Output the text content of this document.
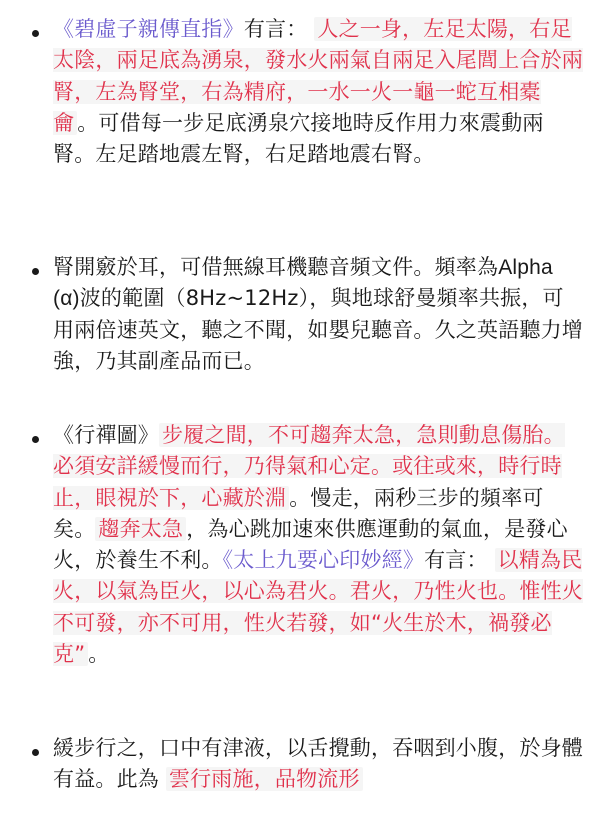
《碧虛子親傳直指》有言： 人之一身，左足太陽，右足太陰，兩足底為湧泉，發水火兩氣自兩足入尾閭上合於兩腎，左為腎堂，右為精府，一水一火一龜一蛇互相橐龠 。可借每一步足底湧泉穴接地時反作用力來震動兩腎。左足踏地震左腎，右足踏地震右腎。

腎開竅於耳，可借無線耳機聽音頻文件。頻率為Alpha (α)波的範圍（8Hz~12Hz），與地球舒曼頻率共振，可用兩倍速英文，聽之不聞，如嬰兒聽音。久之英語聽力增強，乃其副產品而已。

《行禪圖》 步履之間，不可趨奔太急，急則動息傷胎。必須安詳緩慢而行，乃得氣和心定。或往或來，時行時止，眼視於下，心藏於淵 。慢走，兩秒三步的頻率可矣。 趨奔太急 ，為心跳加速來供應運動的氣血，是發心火，於養生不利。《太上九要心印妙經》有言： 以精為民火，以氣為臣火，以心為君火。君火，乃性火也。惟性火不可發，亦不可用，性火若發，如“火生於木，禍發必克” 。

緩步行之，口中有津液，以舌攪動，吞咽到小腹，於身體有益。此為 雲行雨施，品物流形
